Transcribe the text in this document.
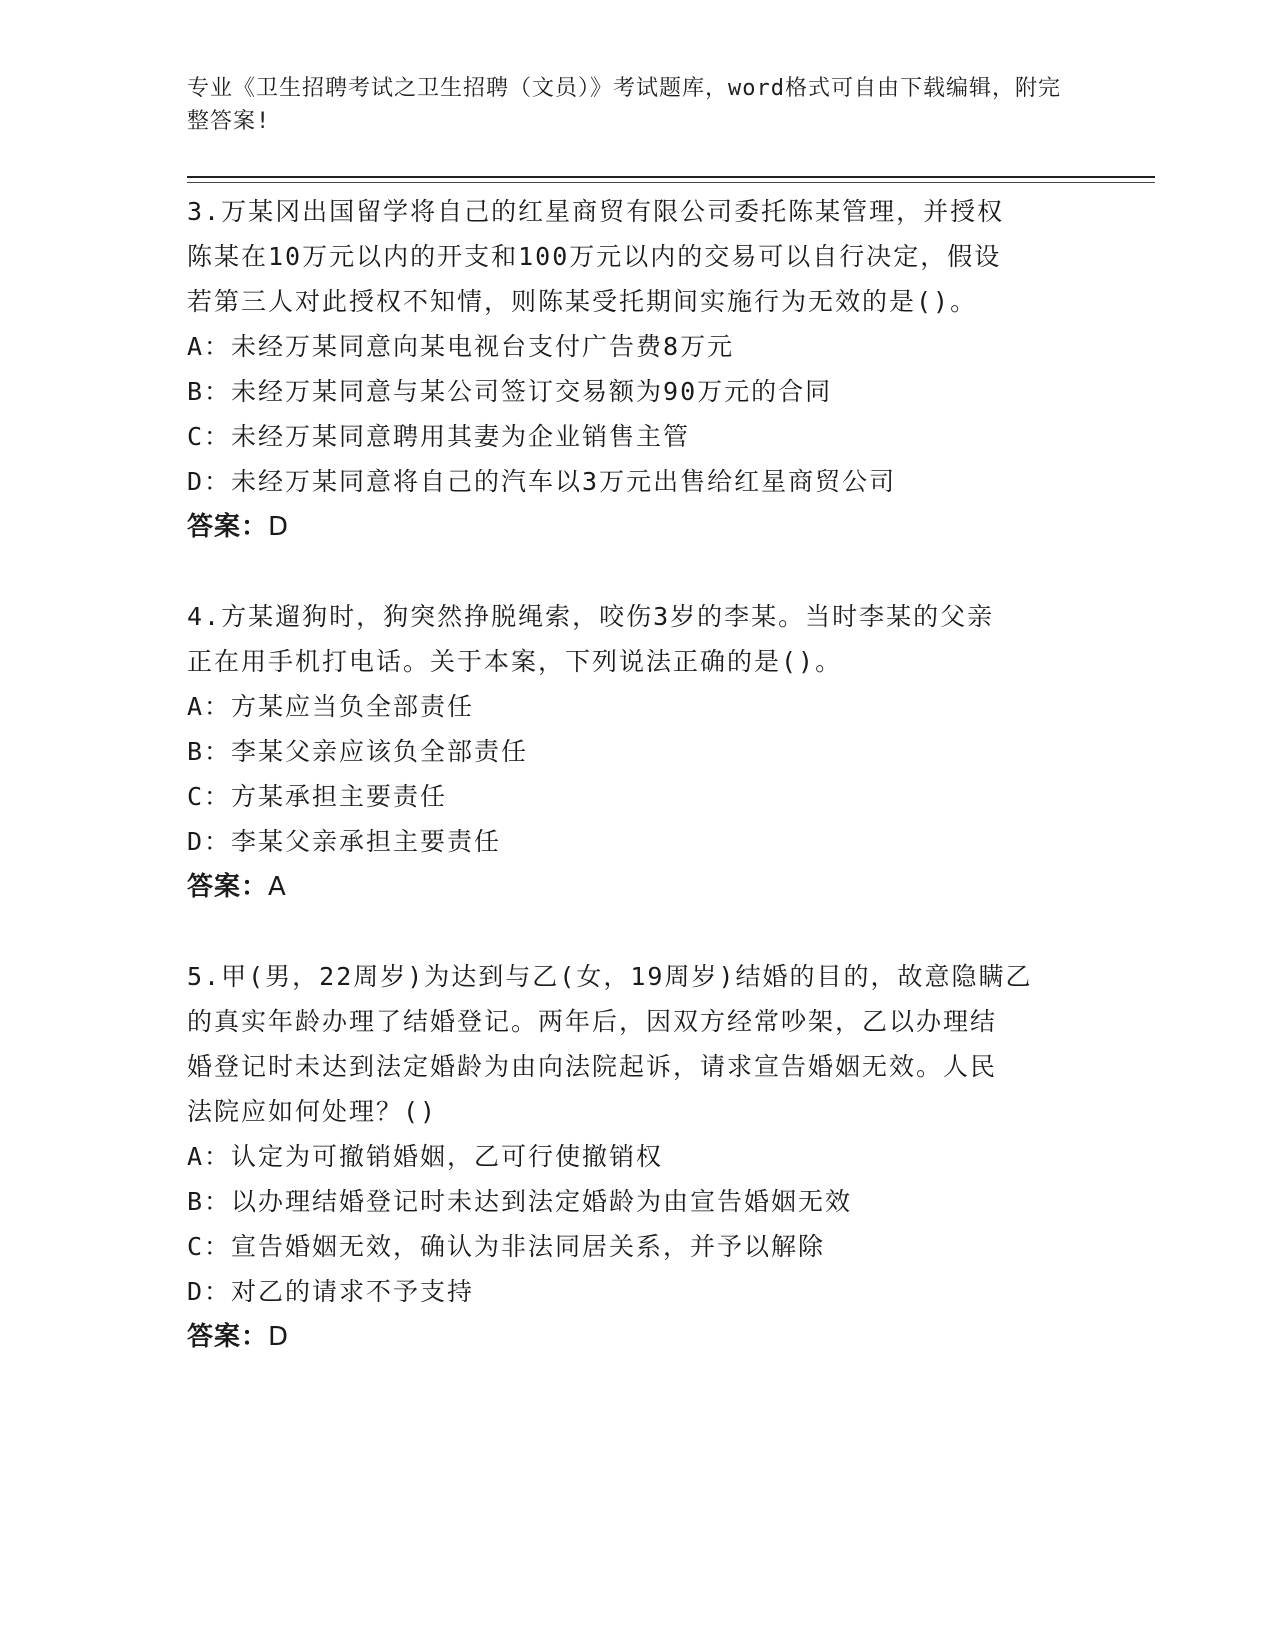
专业《卫生招聘考试之卫生招聘（文员）》考试题库，word格式可自由下载编辑，附完整答案!

3.万某冈出国留学将自己的红星商贸有限公司委托陈某管理，并授权

陈某在10万元以内的开支和100万元以内的交易可以自行决定，假设

若第三人对此授权不知情，则陈某受托期间实施行为无效的是()。

A：未经万某同意向某电视台支付广告费8万元

B：未经万某同意与某公司签订交易额为90万元的合同

C：未经万某同意聘用其妻为企业销售主管

D：未经万某同意将自己的汽车以3万元出售给红星商贸公司

答案：D

4.方某遛狗时，狗突然挣脱绳索，咬伤3岁的李某。当时李某的父亲

正在用手机打电话。关于本案，下列说法正确的是()。

A：方某应当负全部责任

B：李某父亲应该负全部责任

C：方某承担主要责任

D：李某父亲承担主要责任

答案：A

5.甲(男，22周岁)为达到与乙(女，19周岁)结婚的目的，故意隐瞒乙

的真实年龄办理了结婚登记。两年后，因双方经常吵架，乙以办理结

婚登记时未达到法定婚龄为由向法院起诉，请求宣告婚姻无效。人民

法院应如何处理？()

A：认定为可撤销婚姻，乙可行使撤销权

B：以办理结婚登记时未达到法定婚龄为由宣告婚姻无效

C：宣告婚姻无效，确认为非法同居关系，并予以解除

D：对乙的请求不予支持

答案：D
